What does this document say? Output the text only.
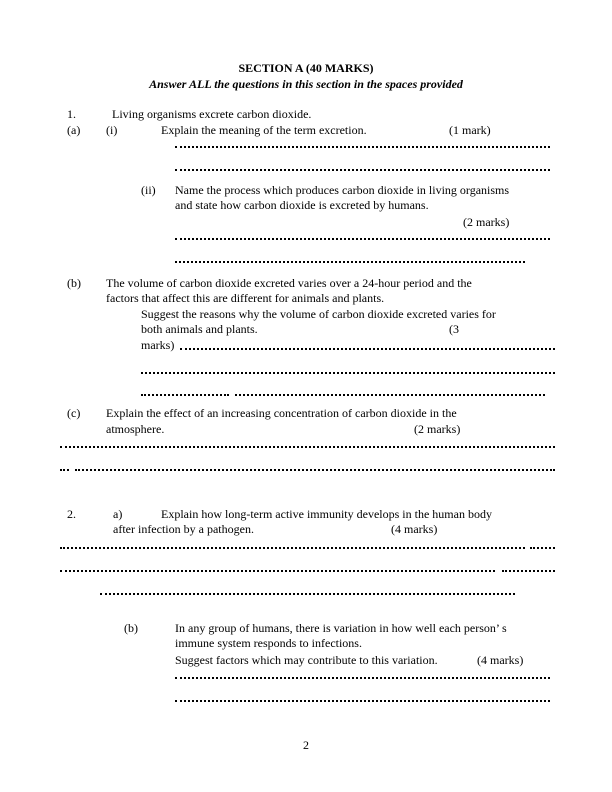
SECTION A (40 MARKS)
Answer ALL the questions in this section in the spaces provided
1.	Living organisms excrete carbon dioxide.
(a) (i)	Explain the meaning of the term excretion.	(1 mark)
(ii) Name the process which produces carbon dioxide in living organisms
and state how carbon dioxide is excreted by humans.
(2 marks)
(b) The volume of carbon dioxide excreted varies over a 24-hour period and the
factors that affect this are different for animals and plants.
Suggest the reasons why the volume of carbon dioxide excreted varies for
both animals and plants.	(3
marks)
(c) Explain the effect of an increasing concentration of carbon dioxide in the
atmosphere.	(2 marks)
2.	a)	Explain how long-term active immunity develops in the human body
after infection by a pathogen.	(4 marks)
(b)	In any group of humans, there is variation in how well each person’ s
immune system responds to infections.
Suggest factors which may contribute to this variation.	(4 marks)
2
